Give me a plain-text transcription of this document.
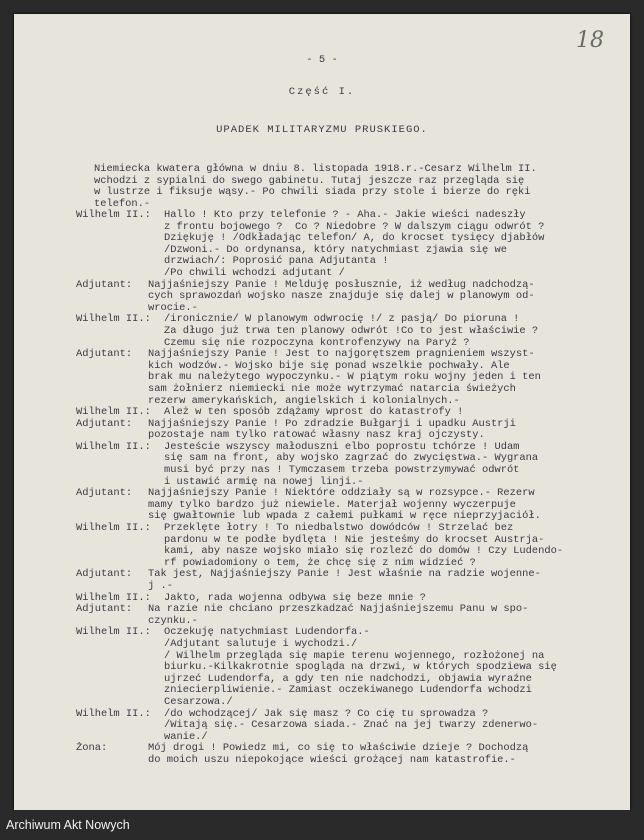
18
- 5 -
Część I.
UPADEK MILITARYZMU PRUSKIEGO.
Niemiecka kwatera główna w dniu 8. listopada 1918.r.-Cesarz Wilhelm II.
wchodzi z sypialni do swego gabinetu. Tutaj jeszcze raz przegląda się
w lustrze i fiksuje wąsy.- Po chwili siada przy stole i bierze do ręki
telefon.-
Wilhelm II.:	Hallo ! Kto przy telefonie ? - Aha.- Jakie wieści nadeszły
z frontu bojowego ?  Co ? Niedobre ? W dalszym ciągu odwrót ?
Dziękuję ! /Odkładając telefon/ A, do krocset tysięcy djabłów
/Dzwoni.- Do ordynansa, który natychmiast zjawia się we
drzwiach/: Poprosić pana Adjutanta !
/Po chwili wchodzi adjutant /
Adjutant:	Najjaśniejszy Panie ! Melduję posłusznie, iż według nadchodzą-
cych sprawozdań wojsko nasze znajduje się dalej w planowym od-
wrocie.-
Wilhelm II.:	/ironicznie/ W planowym odwrocię !/ z pasją/ Do pioruna !
Za długo już trwa ten planowy odwrót !Co to jest właściwie ?
Czemu się nie rozpoczyna kontrofenzywy na Paryż ?
Adjutant:	Najjaśniejszy Panie ! Jest to najgorętszem pragnieniem wszyst-
kich wodzów.- Wojsko bije się ponad wszelkie pochwały. Ale
brak mu należytego wypoczynku.- W piątym roku wojny jeden i ten
sam żołnierz niemiecki nie może wytrzymać natarcia świeżych
rezerw amerykańskich, angielskich i kolonialnych.-
Wilhelm II.:	Ależ w ten sposób zdążamy wprost do katastrofy !
Adjutant:	Najjaśniejszy Panie ! Po zdradzie Bułgarji i upadku Austrji
pozostaje nam tylko ratować własny nasz kraj ojczysty.
Wilhelm II.:	Jesteście wszyscy małoduszni elbo poprostu tchórze ! Udam
się sam na front, aby wojsko zagrzać do zwycięstwa.- Wygrana
musi być przy nas ! Tymczasem trzeba powstrzymywać odwrót
i ustawić armię na nowej linji.-
Adjutant:	Najjaśniejszy Panie ! Niektóre oddziały są w rozsypce.- Rezerw
mamy tylko bardzo już niewiele. Materjał wojenny wyczerpuje
się gwałtownie lub wpada z całemi pułkami w ręce nieprzyjaciół.
Wilhelm II.:	Przeklęte łotry ! To niedbalstwo dowódców ! Strzelać bez
pardonu w te podłe bydlęta ! Nie jesteśmy do krocset Austrja-
kami, aby nasze wojsko miało się rozlezć do domów ! Czy Ludendo-
rf powiadomiony o tem, że chcę się z nim widzieć ?
Adjutant:	Tak jest, Najjaśniejszy Panie ! Jest właśnie na radzie wojenne-
j .-
Wilhelm II.:	Jakto, rada wojenna odbywa się beze mnie ?
Adjutant:	Na razie nie chciano przeszkadzać Najjaśniejszemu Panu w spo-
czynku.-
Wilhelm II.:	Oczekuję natychmiast Ludendorfa.-
/Adjutant salutuje i wychodzi./
/ Wilhelm przegląda się mapie terenu wojennego, rozłożonej na
biurku.-Kilkakrotnie spogląda na drzwi, w których spodziewa się
ujrzeć Ludendorfa, a gdy ten nie nadchodzi, objawia wyraźne
zniecierpliwienie.- Zamiast oczekiwanego Ludendorfa wchodzi
Cesarzowa./
Wilhelm II.:	/do wchodzącej/ Jak się masz ? Co cię tu sprowadza ?
/Witają się.- Cesarzowa siada.- Znać na jej twarzy zdenerwo-
wanie./
Żona:	Mój drogi ! Powiedz mi, co się to właściwie dzieje ? Dochodzą
do moich uszu niepokojące wieści grożącej nam katastrofie.-
Archiwum Akt Nowych
